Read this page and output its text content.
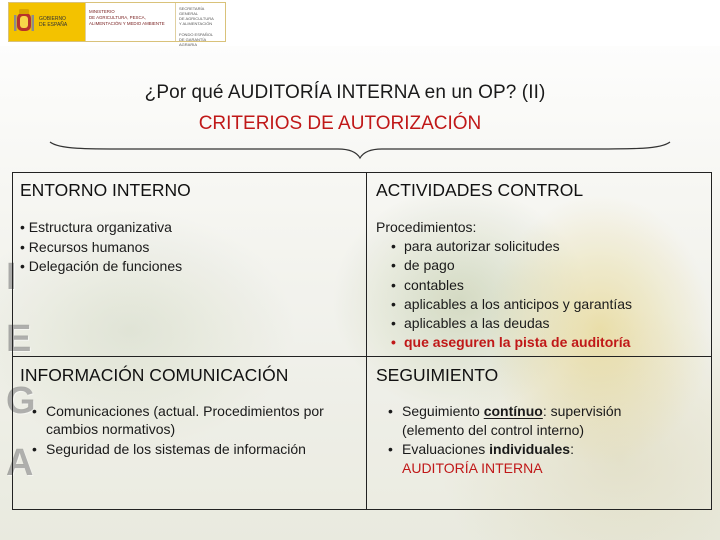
GOBIERNO
DE ESPAÑA
MINISTERIO
DE AGRICULTURA, PESCA,
ALIMENTACIÓN Y MEDIO AMBIENTE
SECRETARÍA GENERAL
DE AGRICULTURA
Y ALIMENTACIÓN
FONDO ESPAÑOL
DE GARANTÍA AGRARIA
¿Por qué AUDITORÍA INTERNA en un OP? (II)
CRITERIOS DE AUTORIZACIÓN
I
E
G
A
ENTORNO INTERNO
• Estructura organizativa
• Recursos humanos
• Delegación de funciones
ACTIVIDADES CONTROL
Procedimientos:
• para autorizar solicitudes
• de pago
• contables
• aplicables a los anticipos y garantías
• aplicables a las deudas
• que aseguren la pista de auditoría
INFORMACIÓN COMUNICACIÓN
• Comunicaciones (actual. Procedimientos por cambios normativos)
• Seguridad de los sistemas de información
SEGUIMIENTO
• Seguimiento contínuo: supervisión
(elemento del control interno)
• Evaluaciones individuales:
AUDITORÍA INTERNA
